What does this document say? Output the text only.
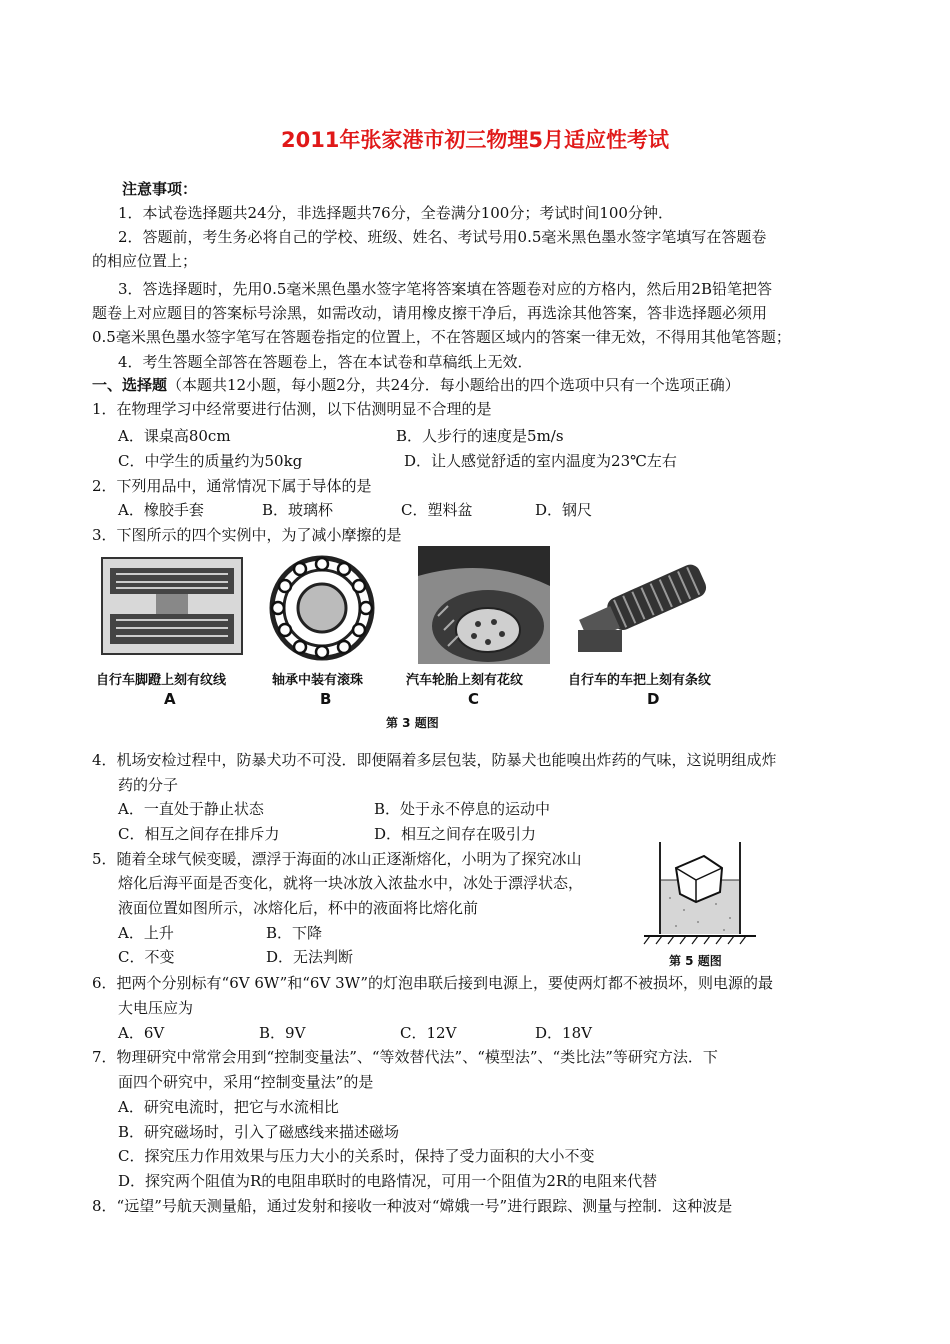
2011年张家港市初三物理5月适应性考试
注意事项：
1．本试卷选择题共24分，非选择题共76分，全卷满分100分；考试时间100分钟．
2．答题前，考生务必将自己的学校、班级、姓名、考试号用0.5毫米黑色墨水签字笔填写在答题卷
的相应位置上；
3．答选择题时，先用0.5毫米黑色墨水签字笔将答案填在答题卷对应的方格内，然后用2B铅笔把答
题卷上对应题目的答案标号涂黑，如需改动，请用橡皮擦干净后，再选涂其他答案，答非选择题必须用
0.5毫米黑色墨水签字笔写在答题卷指定的位置上，不在答题区域内的答案一律无效，不得用其他笔答题；
4．考生答题全部答在答题卷上，答在本试卷和草稿纸上无效．
一、选择题（本题共12小题，每小题2分，共24分．每小题给出的四个选项中只有一个选项正确）
1．在物理学习中经常要进行估测，以下估测明显不合理的是
A．课桌高80cm	B．人步行的速度是5m/s
C．中学生的质量约为50kg	D．让人感觉舒适的室内温度为23℃左右
2．下列用品中，通常情况下属于导体的是
A．橡胶手套	B．玻璃杯	C．塑料盆	D．钢尺
3．下图所示的四个实例中，为了减小摩擦的是
自行车脚蹬上刻有纹线	轴承中装有滚珠	汽车轮胎上刻有花纹	自行车的车把上刻有条纹
A	B	C	D
第 3 题图
4．机场安检过程中，防暴犬功不可没．即便隔着多层包装，防暴犬也能嗅出炸药的气味，这说明组成炸
药的分子
A．一直处于静止状态	B．处于永不停息的运动中
C．相互之间存在排斥力	D．相互之间存在吸引力
5．随着全球气候变暖，漂浮于海面的冰山正逐渐熔化，小明为了探究冰山
熔化后海平面是否变化，就将一块冰放入浓盐水中，冰处于漂浮状态，
液面位置如图所示，冰熔化后，杯中的液面将比熔化前
A．上升	B．下降
C．不变	D．无法判断	第 5 题图
6．把两个分别标有“6V 6W”和“6V 3W”的灯泡串联后接到电源上，要使两灯都不被损坏，则电源的最
大电压应为
A．6V	B．9V	C．12V	D．18V
7．物理研究中常常会用到“控制变量法”、“等效替代法”、“模型法”、“类比法”等研究方法．下
面四个研究中，采用“控制变量法”的是
A．研究电流时，把它与水流相比
B．研究磁场时，引入了磁感线来描述磁场
C．探究压力作用效果与压力大小的关系时，保持了受力面积的大小不变
D．探究两个阻值为R的电阻串联时的电路情况，可用一个阻值为2R的电阻来代替
8．“远望”号航天测量船，通过发射和接收一种波对“嫦娥一号”进行跟踪、测量与控制．这种波是
